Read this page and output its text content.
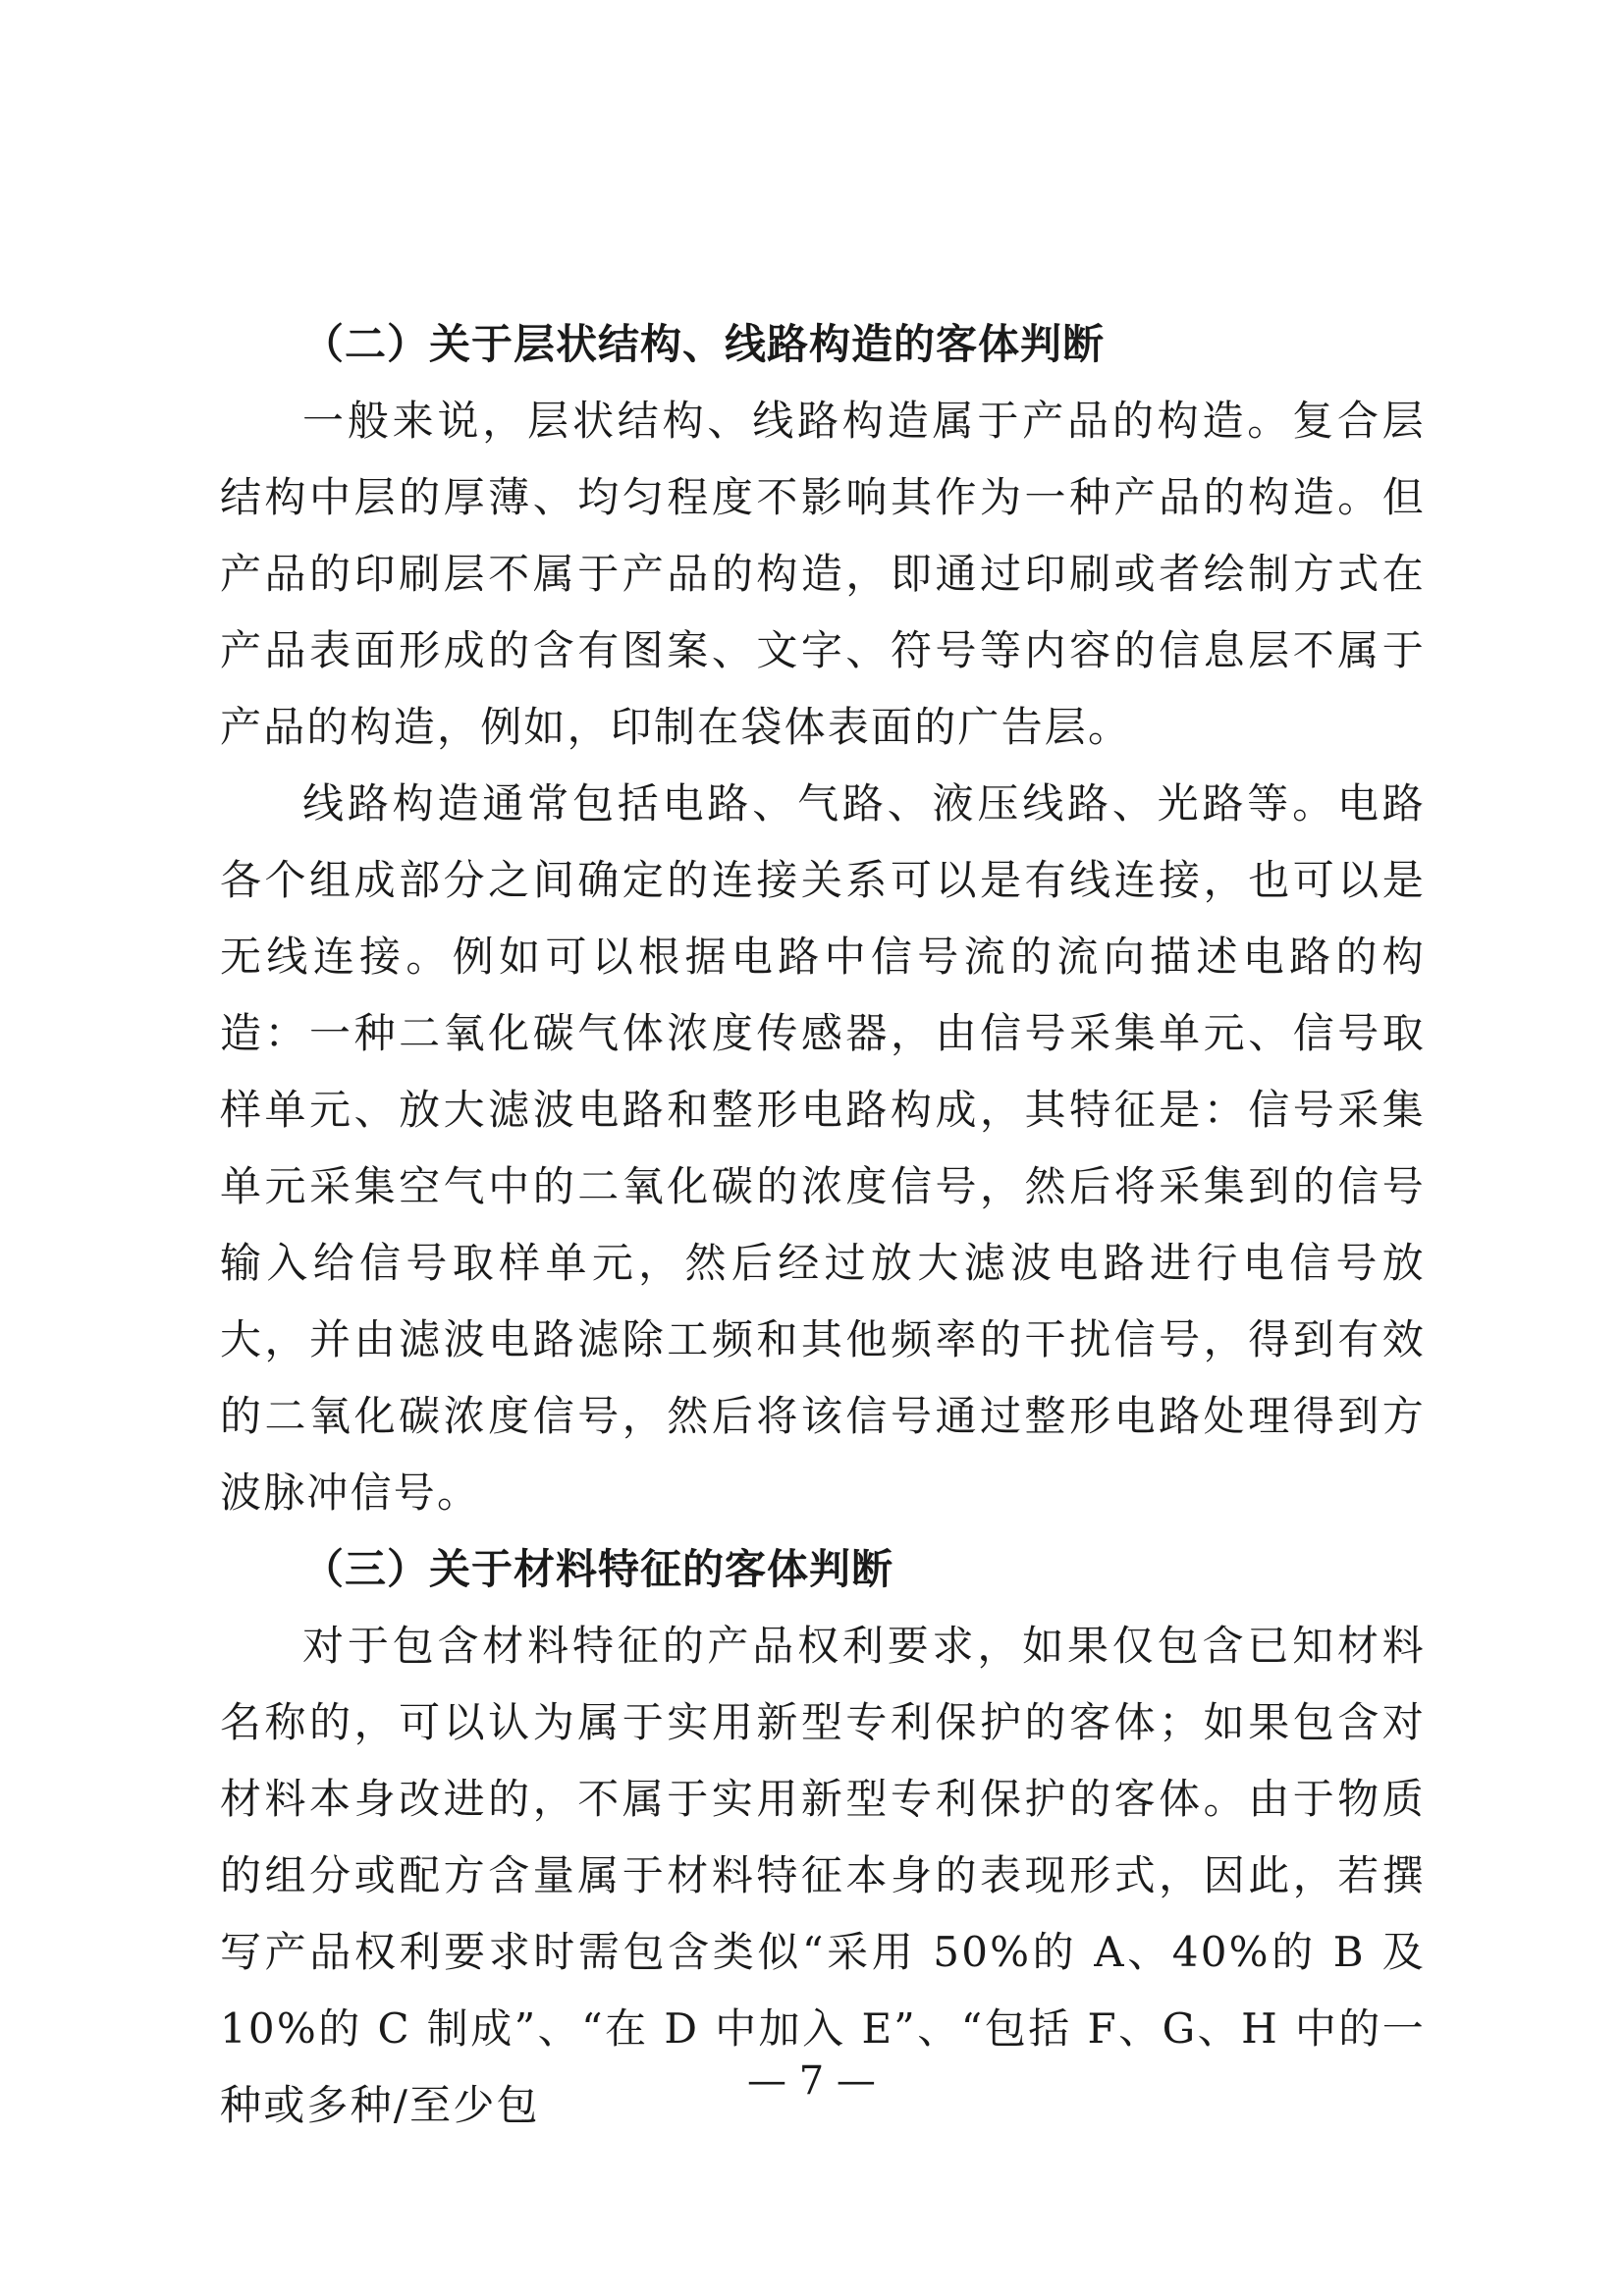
（二）关于层状结构、线路构造的客体判断

一般来说，层状结构、线路构造属于产品的构造。复合层结构中层的厚薄、均匀程度不影响其作为一种产品的构造。但产品的印刷层不属于产品的构造，即通过印刷或者绘制方式在产品表面形成的含有图案、文字、符号等内容的信息层不属于产品的构造，例如，印制在袋体表面的广告层。

线路构造通常包括电路、气路、液压线路、光路等。电路各个组成部分之间确定的连接关系可以是有线连接，也可以是无线连接。例如可以根据电路中信号流的流向描述电路的构造：一种二氧化碳气体浓度传感器，由信号采集单元、信号取样单元、放大滤波电路和整形电路构成，其特征是：信号采集单元采集空气中的二氧化碳的浓度信号，然后将采集到的信号输入给信号取样单元，然后经过放大滤波电路进行电信号放大，并由滤波电路滤除工频和其他频率的干扰信号，得到有效的二氧化碳浓度信号，然后将该信号通过整形电路处理得到方波脉冲信号。

（三）关于材料特征的客体判断

对于包含材料特征的产品权利要求，如果仅包含已知材料名称的，可以认为属于实用新型专利保护的客体；如果包含对材料本身改进的，不属于实用新型专利保护的客体。由于物质的组分或配方含量属于材料特征本身的表现形式，因此，若撰写产品权利要求时需包含类似“采用 50%的 A、40%的 B 及 10%的 C 制成”、“在 D 中加入 E”、“包括 F、G、H 中的一种或多种/至少包	— 7 —
